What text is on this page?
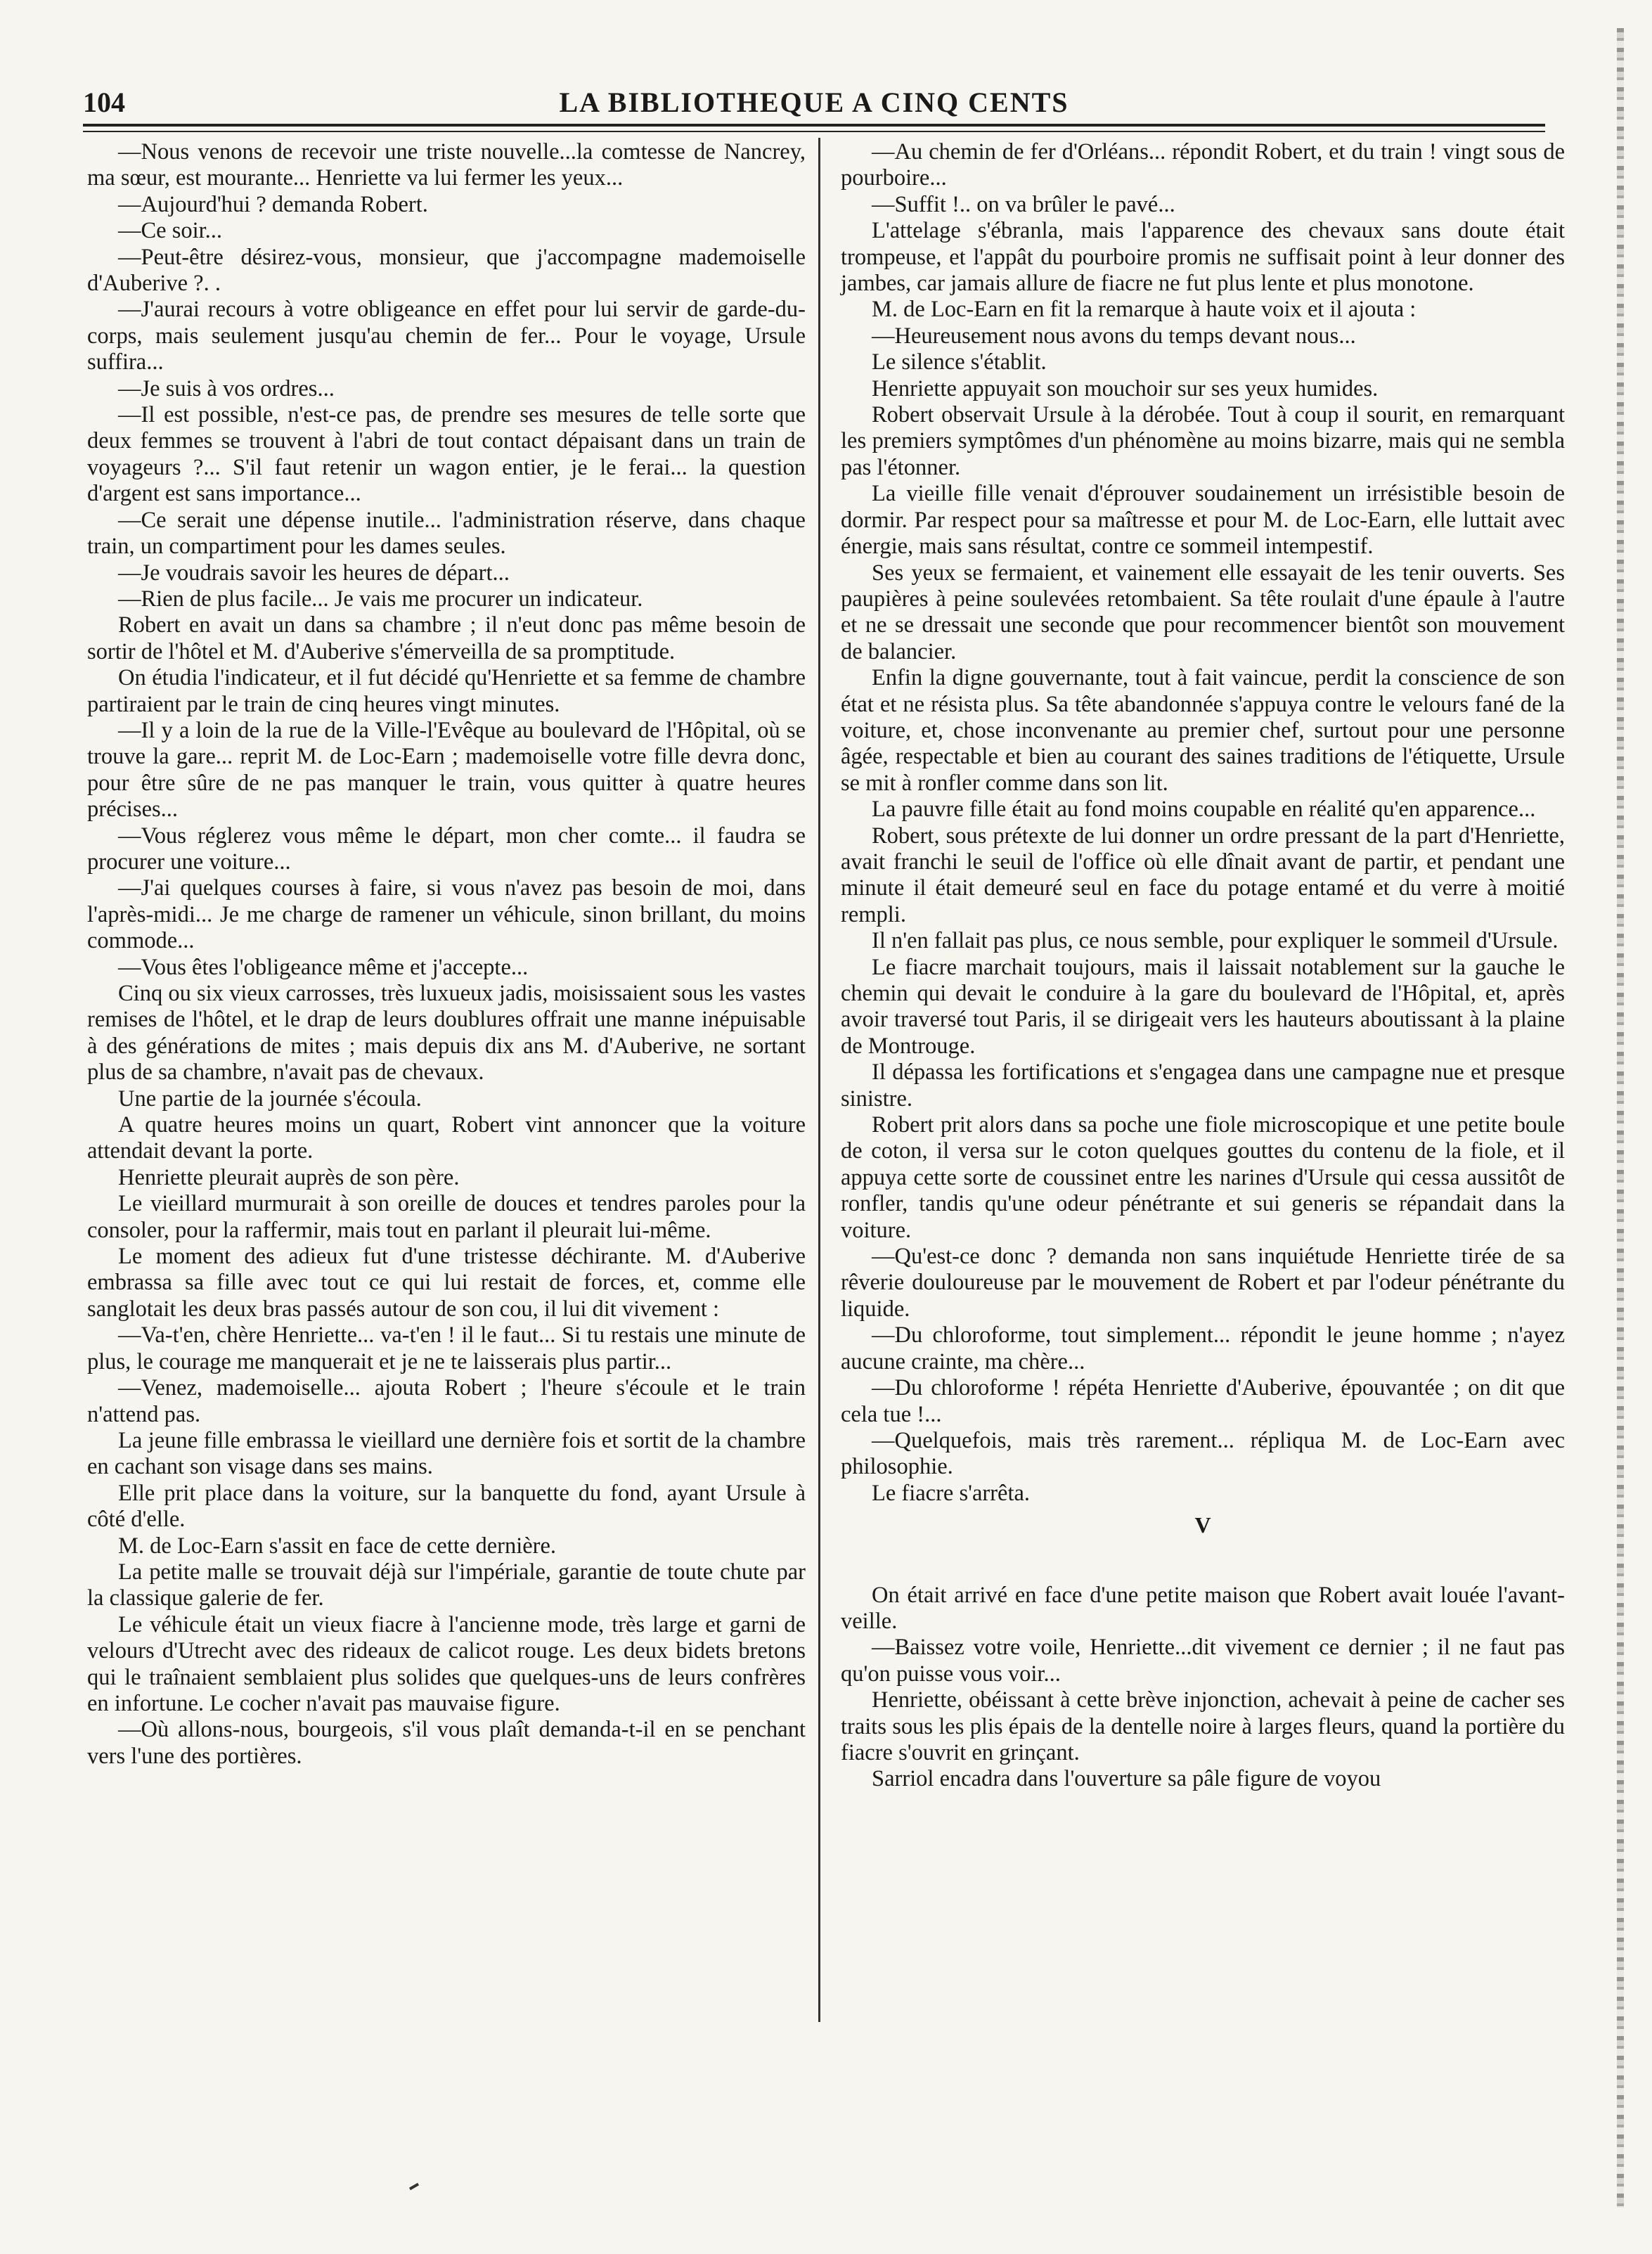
104	LA BIBLIOTHEQUE A CINQ CENTS

—Nous venons de recevoir une triste nouvelle...la comtesse de Nancrey, ma sœur, est mourante... Henriette va lui fermer les yeux...

—Aujourd'hui ? demanda Robert.

—Ce soir...

—Peut-être désirez-vous, monsieur, que j'accompagne mademoiselle d'Auberive ?. .

—J'aurai recours à votre obligeance en effet pour lui servir de garde-du-corps, mais seulement jusqu'au chemin de fer... Pour le voyage, Ursule suffira...

—Je suis à vos ordres...

—Il est possible, n'est-ce pas, de prendre ses mesures de telle sorte que deux femmes se trouvent à l'abri de tout contact dépaisant dans un train de voyageurs ?... S'il faut retenir un wagon entier, je le ferai... la question d'argent est sans importance...

—Ce serait une dépense inutile... l'administration réserve, dans chaque train, un compartiment pour les dames seules.

—Je voudrais savoir les heures de départ...

—Rien de plus facile... Je vais me procurer un indicateur.

Robert en avait un dans sa chambre ; il n'eut donc pas même besoin de sortir de l'hôtel et M. d'Auberive s'émerveilla de sa promptitude.

On étudia l'indicateur, et il fut décidé qu'Henriette et sa femme de chambre partiraient par le train de cinq heures vingt minutes.

—Il y a loin de la rue de la Ville-l'Evêque au boulevard de l'Hôpital, où se trouve la gare... reprit M. de Loc-Earn ; mademoiselle votre fille devra donc, pour être sûre de ne pas manquer le train, vous quitter à quatre heures précises...

—Vous réglerez vous même le départ, mon cher comte... il faudra se procurer une voiture...

—J'ai quelques courses à faire, si vous n'avez pas besoin de moi, dans l'après-midi... Je me charge de ramener un véhicule, sinon brillant, du moins commode...

—Vous êtes l'obligeance même et j'accepte...

Cinq ou six vieux carrosses, très luxueux jadis, moisissaient sous les vastes remises de l'hôtel, et le drap de leurs doublures offrait une manne inépuisable à des générations de mites ; mais depuis dix ans M. d'Auberive, ne sortant plus de sa chambre, n'avait pas de chevaux.

Une partie de la journée s'écoula.

A quatre heures moins un quart, Robert vint annoncer que la voiture attendait devant la porte.

Henriette pleurait auprès de son père.

Le vieillard murmurait à son oreille de douces et tendres paroles pour la consoler, pour la raffermir, mais tout en parlant il pleurait lui-même.

Le moment des adieux fut d'une tristesse déchirante. M. d'Auberive embrassa sa fille avec tout ce qui lui restait de forces, et, comme elle sanglotait les deux bras passés autour de son cou, il lui dit vivement :

—Va-t'en, chère Henriette... va-t'en ! il le faut... Si tu restais une minute de plus, le courage me manquerait et je ne te laisserais plus partir...

—Venez, mademoiselle... ajouta Robert ; l'heure s'écoule et le train n'attend pas.

La jeune fille embrassa le vieillard une dernière fois et sortit de la chambre en cachant son visage dans ses mains.

Elle prit place dans la voiture, sur la banquette du fond, ayant Ursule à côté d'elle.

M. de Loc-Earn s'assit en face de cette dernière.

La petite malle se trouvait déjà sur l'impériale, garantie de toute chute par la classique galerie de fer.

Le véhicule était un vieux fiacre à l'ancienne mode, très large et garni de velours d'Utrecht avec des rideaux de calicot rouge. Les deux bidets bretons qui le traînaient semblaient plus solides que quelques-uns de leurs confrères en infortune. Le cocher n'avait pas mauvaise figure.

—Où allons-nous, bourgeois, s'il vous plaît demanda-t-il en se penchant vers l'une des portières.

—Au chemin de fer d'Orléans... répondit Robert, et du train ! vingt sous de pourboire...

—Suffit !.. on va brûler le pavé...

L'attelage s'ébranla, mais l'apparence des chevaux sans doute était trompeuse, et l'appât du pourboire promis ne suffisait point à leur donner des jambes, car jamais allure de fiacre ne fut plus lente et plus monotone.

M. de Loc-Earn en fit la remarque à haute voix et il ajouta :

—Heureusement nous avons du temps devant nous...

Le silence s'établit.

Henriette appuyait son mouchoir sur ses yeux humides.

Robert observait Ursule à la dérobée. Tout à coup il sourit, en remarquant les premiers symptômes d'un phénomène au moins bizarre, mais qui ne sembla pas l'étonner.

La vieille fille venait d'éprouver soudainement un irrésistible besoin de dormir. Par respect pour sa maîtresse et pour M. de Loc-Earn, elle luttait avec énergie, mais sans résultat, contre ce sommeil intempestif.

Ses yeux se fermaient, et vainement elle essayait de les tenir ouverts. Ses paupières à peine soulevées retombaient. Sa tête roulait d'une épaule à l'autre et ne se dressait une seconde que pour recommencer bientôt son mouvement de balancier.

Enfin la digne gouvernante, tout à fait vaincue, perdit la conscience de son état et ne résista plus. Sa tête abandonnée s'appuya contre le velours fané de la voiture, et, chose inconvenante au premier chef, surtout pour une personne âgée, respectable et bien au courant des saines traditions de l'étiquette, Ursule se mit à ronfler comme dans son lit.

La pauvre fille était au fond moins coupable en réalité qu'en apparence...

Robert, sous prétexte de lui donner un ordre pressant de la part d'Henriette, avait franchi le seuil de l'office où elle dînait avant de partir, et pendant une minute il était demeuré seul en face du potage entamé et du verre à moitié rempli.

Il n'en fallait pas plus, ce nous semble, pour expliquer le sommeil d'Ursule.

Le fiacre marchait toujours, mais il laissait notablement sur la gauche le chemin qui devait le conduire à la gare du boulevard de l'Hôpital, et, après avoir traversé tout Paris, il se dirigeait vers les hauteurs aboutissant à la plaine de Montrouge.

Il dépassa les fortifications et s'engagea dans une campagne nue et presque sinistre.

Robert prit alors dans sa poche une fiole microscopique et une petite boule de coton, il versa sur le coton quelques gouttes du contenu de la fiole, et il appuya cette sorte de coussinet entre les narines d'Ursule qui cessa aussitôt de ronfler, tandis qu'une odeur pénétrante et sui generis se répandait dans la voiture.

—Qu'est-ce donc ? demanda non sans inquiétude Henriette tirée de sa rêverie douloureuse par le mouvement de Robert et par l'odeur pénétrante du liquide.

—Du chloroforme, tout simplement... répondit le jeune homme ; n'ayez aucune crainte, ma chère...

—Du chloroforme ! répéta Henriette d'Auberive, épouvantée ; on dit que cela tue !...

—Quelquefois, mais très rarement... répliqua M. de Loc-Earn avec philosophie.

Le fiacre s'arrêta.

V

On était arrivé en face d'une petite maison que Robert avait louée l'avant-veille.

—Baissez votre voile, Henriette...dit vivement ce dernier ; il ne faut pas qu'on puisse vous voir...

Henriette, obéissant à cette brève injonction, achevait à peine de cacher ses traits sous les plis épais de la dentelle noire à larges fleurs, quand la portière du fiacre s'ouvrit en grinçant.

Sarriol encadra dans l'ouverture sa pâle figure de voyou
